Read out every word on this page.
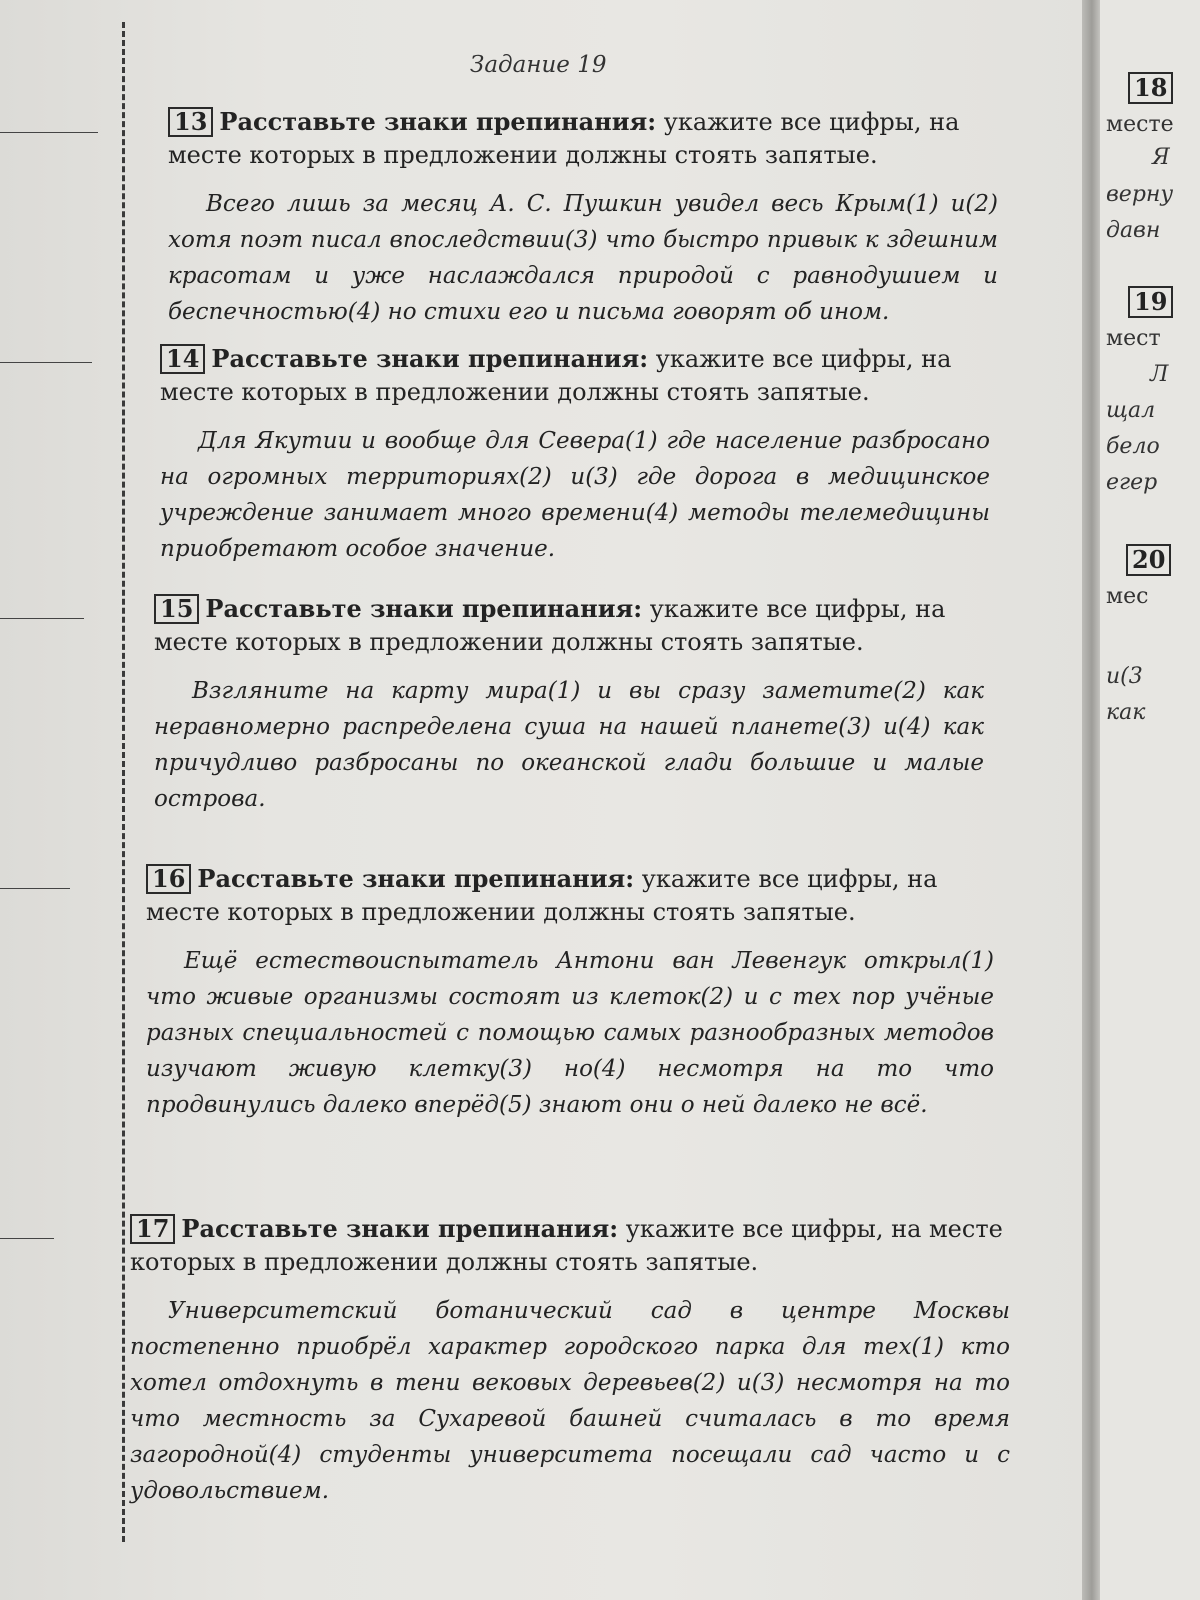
Задание 19

13 Расставьте знаки препинания: укажите все цифры, на месте которых в предложении должны стоять запятые.

Всего лишь за месяц А. С. Пушкин увидел весь Крым(1) и(2) хотя поэт писал впоследствии(3) что быстро привык к здешним красотам и уже наслаждался природой с равнодушием и беспечностью(4) но стихи его и письма говорят об ином.

14 Расставьте знаки препинания: укажите все цифры, на месте которых в предложении должны стоять запятые.

Для Якутии и вообще для Севера(1) где население разбросано на огромных территориях(2) и(3) где дорога в медицинское учреждение занимает много времени(4) методы телемедицины приобретают особое значение.

15 Расставьте знаки препинания: укажите все цифры, на месте которых в предложении должны стоять запятые.

Взгляните на карту мира(1) и вы сразу заметите(2) как неравномерно распределена суша на нашей планете(3) и(4) как причудливо разбросаны по океанской глади большие и малые острова.

16 Расставьте знаки препинания: укажите все цифры, на месте которых в предложении должны стоять запятые.

Ещё естествоиспытатель Антони ван Левенгук открыл(1) что живые организмы состоят из клеток(2) и с тех пор учёные разных специальностей с помощью самых разнообразных методов изучают живую клетку(3) но(4) несмотря на то что продвинулись далеко вперёд(5) знают они о ней далеко не всё.

17 Расставьте знаки препинания: укажите все цифры, на месте которых в предложении должны стоять запятые.

Университетский ботанический сад в центре Москвы постепенно приобрёл характер городского парка для тех(1) кто хотел отдохнуть в тени вековых деревьев(2) и(3) несмотря на то что местность за Сухаревой башней считалась в то время загородной(4) студенты университета посещали сад часто и с удовольствием.

18
месте
Я
верну
давн
19
мест
Л
щал
бело
егер
20
мес
и(3
как
